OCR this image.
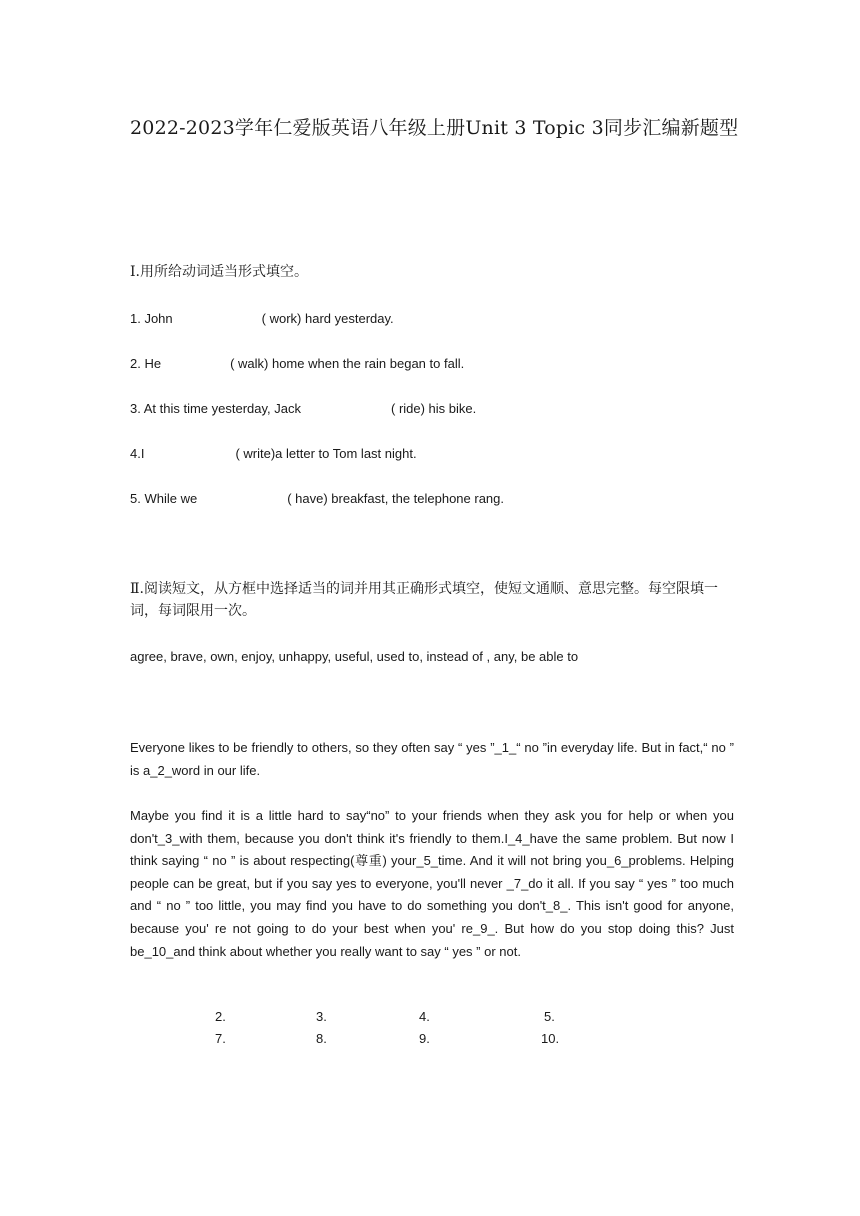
2022-2023学年仁爱版英语八年级上册Unit 3 Topic 3同步汇编新题型
Ⅰ.用所给动词适当形式填空。
1. John	( work) hard yesterday.
2. He	( walk) home when the rain began to fall.
3. At this time yesterday, Jack	( ride) his bike.
4.I	( write)a letter to Tom last night.
5. While we	( have) breakfast, the telephone rang.
Ⅱ.阅读短文，从方框中选择适当的词并用其正确形式填空，使短文通顺、意思完整。每空限填一词，每词限用一次。
agree, brave, own, enjoy, unhappy, useful, used to, instead of , any, be able to
Everyone likes to be friendly to others, so they often say “ yes ”_1_“ no ”in everyday life. But in fact,“ no ” is a_2_word in our life.
Maybe you find it is a little hard to say“no” to your friends when they ask you for help or when you don't_3_with them, because you don't think it's friendly to them.I_4_have the same problem. But now I think saying “ no ” is about respecting(尊重) your_5_time. And it will not bring you_6_problems. Helping people can be great, but if you say yes to everyone, you'll never _7_do it all. If you say “ yes ” too much and “ no ” too little, you may find you have to do something you don't_8_. This isn't good for anyone, because you' re not going to do your best when you' re_9_. But how do you stop doing this? Just be_10_and think about whether you really want to say “ yes ” or not.
2.	3.	4.	5.
7.	8.	9.	10.
